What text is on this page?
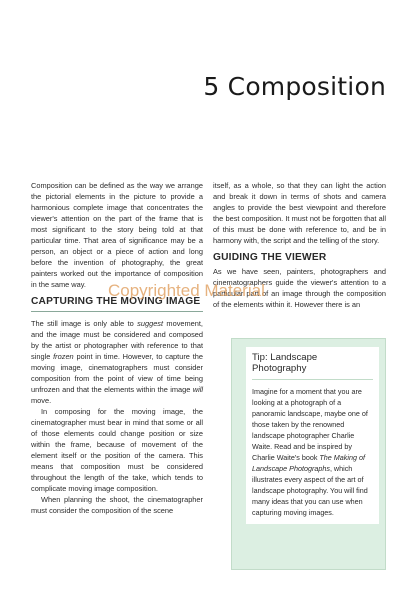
5 Composition

Composition can be defined as the way we arrange the pictorial elements in the picture to provide a harmonious complete image that concentrates the viewer's attention on the part of the frame that is most significant to the story being told at that particular time. That area of significance may be a person, an object or a piece of action and long before the invention of photography, the great painters worked out the importance of composition in the same way.

CAPTURING THE MOVING IMAGE

The still image is only able to suggest movement, and the image must be considered and composed by the artist or photographer with reference to that single frozen point in time. However, to capture the moving image, cinematographers must consider composition from the point of view of time being unfrozen and that the elements within the image will move.

In composing for the moving image, the cinematographer must bear in mind that some or all of those elements could change position or size within the frame, because of movement of the element itself or the position of the camera. This means that composition must be considered throughout the length of the take, which tends to complicate moving image composition.

When planning the shoot, the cinematographer must consider the composition of the scene

itself, as a whole, so that they can light the action and break it down in terms of shots and camera angles to provide the best viewpoint and therefore the best composition. It must not be forgotten that all of this must be done with reference to, and be in harmony with, the script and the telling of the story.

GUIDING THE VIEWER

As we have seen, painters, photographers and cinematographers guide the viewer's attention to a particular part of an image through the composition of the elements within it. However there is an

Tip: Landscape Photography

Imagine for a moment that you are looking at a photograph of a panoramic landscape, maybe one of those taken by the renowned landscape photographer Charlie Waite. Read and be inspired by Charlie Waite's book The Making of Landscape Photographs, which illustrates every aspect of the art of landscape photography. You will find many ideas that you can use when capturing moving images.

Copyrighted Material
